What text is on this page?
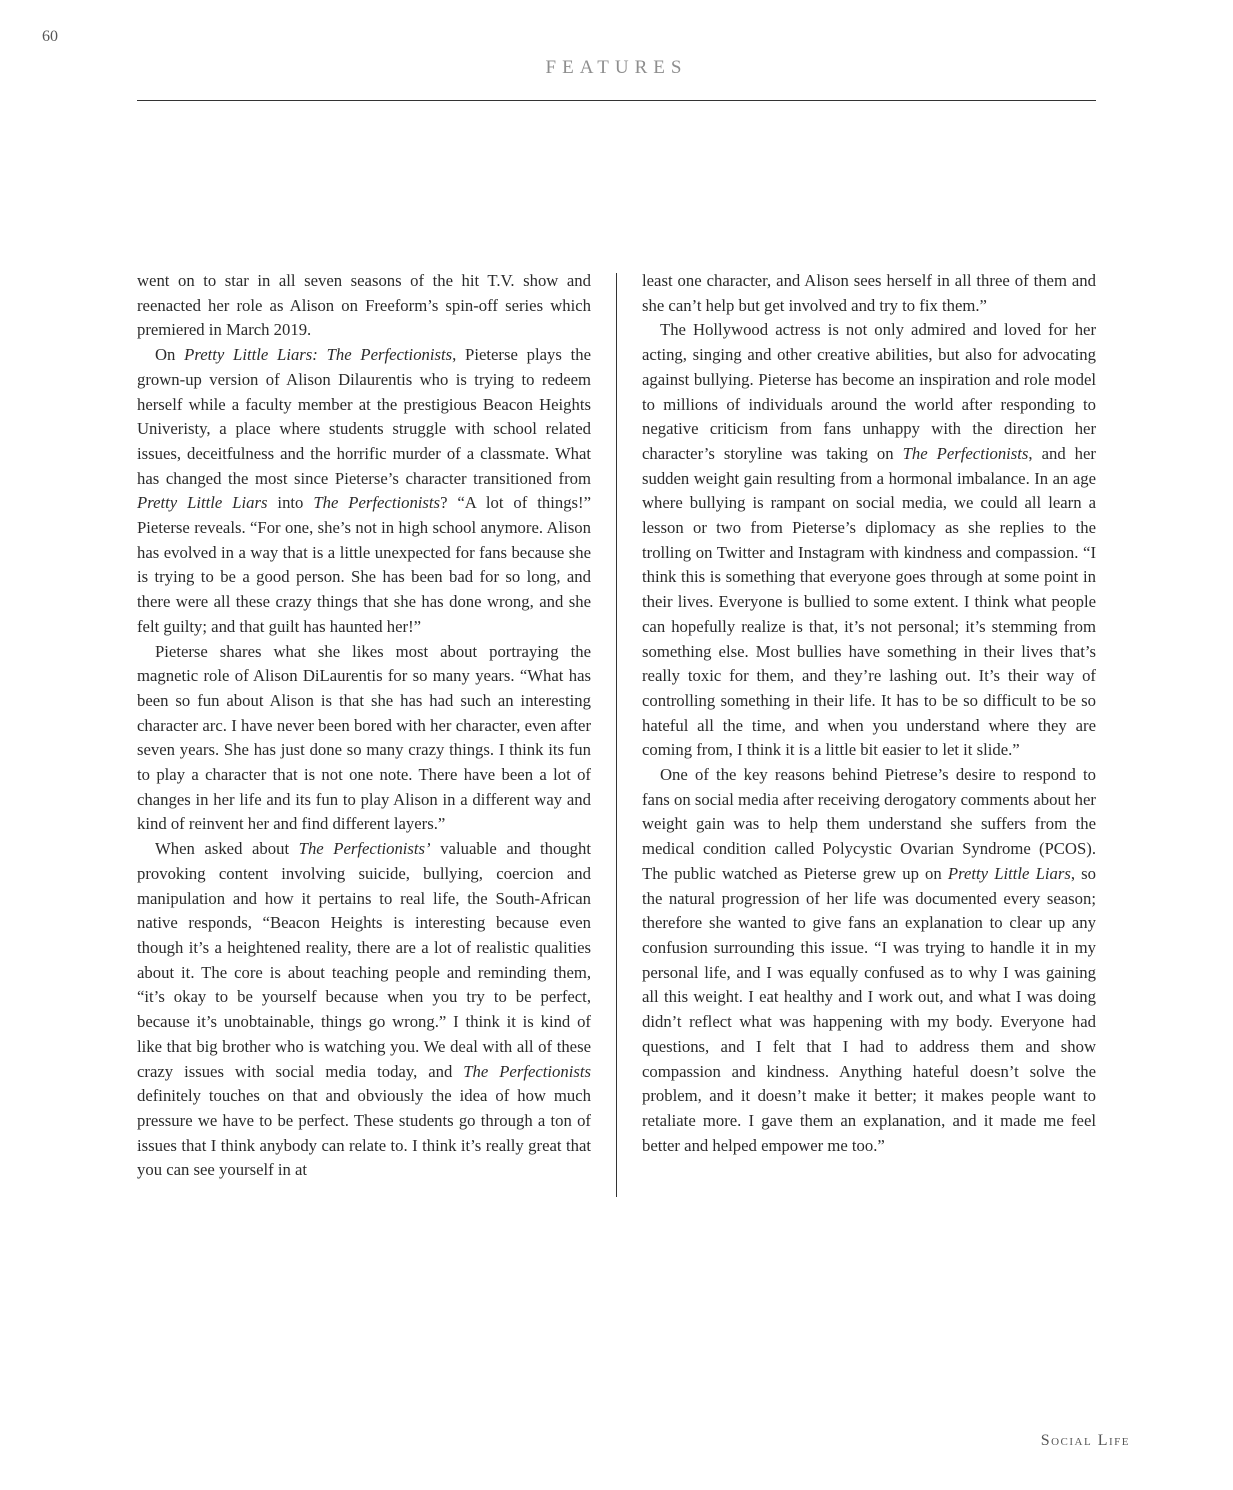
60
FEATURES

went on to star in all seven seasons of the hit T.V. show and reenacted her role as Alison on Freeform’s spin-off series which premiered in March 2019.

On Pretty Little Liars: The Perfectionists, Pieterse plays the grown-up version of Alison Dilaurentis who is trying to redeem herself while a faculty member at the prestigious Beacon Heights Univeristy, a place where students struggle with school related issues, deceitfulness and the horrific murder of a classmate. What has changed the most since Pieterse’s character transitioned from Pretty Little Liars into The Perfectionists? “A lot of things!” Pieterse reveals. “For one, she’s not in high school anymore. Alison has evolved in a way that is a little unexpected for fans because she is trying to be a good person. She has been bad for so long, and there were all these crazy things that she has done wrong, and she felt guilty; and that guilt has haunted her!”

Pieterse shares what she likes most about portraying the magnetic role of Alison DiLaurentis for so many years. “What has been so fun about Alison is that she has had such an interesting character arc. I have never been bored with her character, even after seven years. She has just done so many crazy things. I think its fun to play a character that is not one note. There have been a lot of changes in her life and its fun to play Alison in a different way and kind of reinvent her and find different layers.”

When asked about The Perfectionists’ valuable and thought provoking content involving suicide, bullying, coercion and manipulation and how it pertains to real life, the South-African native responds, “Beacon Heights is interesting because even though it’s a heightened reality, there are a lot of realistic qualities about it. The core is about teaching people and reminding them, “it’s okay to be yourself because when you try to be perfect, because it’s unobtainable, things go wrong.” I think it is kind of like that big brother who is watching you. We deal with all of these crazy issues with social media today, and The Perfectionists definitely touches on that and obviously the idea of how much pressure we have to be perfect. These students go through a ton of issues that I think anybody can relate to. I think it’s really great that you can see yourself in at

least one character, and Alison sees herself in all three of them and she can’t help but get involved and try to fix them.”

The Hollywood actress is not only admired and loved for her acting, singing and other creative abilities, but also for advocating against bullying. Pieterse has become an inspiration and role model to millions of individuals around the world after responding to negative criticism from fans unhappy with the direction her character’s storyline was taking on The Perfectionists, and her sudden weight gain resulting from a hormonal imbalance. In an age where bullying is rampant on social media, we could all learn a lesson or two from Pieterse’s diplomacy as she replies to the trolling on Twitter and Instagram with kindness and compassion. “I think this is something that everyone goes through at some point in their lives. Everyone is bullied to some extent. I think what people can hopefully realize is that, it’s not personal; it’s stemming from something else. Most bullies have something in their lives that’s really toxic for them, and they’re lashing out. It’s their way of controlling something in their life. It has to be so difficult to be so hateful all the time, and when you understand where they are coming from, I think it is a little bit easier to let it slide.”

One of the key reasons behind Pietrese’s desire to respond to fans on social media after receiving derogatory comments about her weight gain was to help them understand she suffers from the medical condition called Polycystic Ovarian Syndrome (PCOS). The public watched as Pieterse grew up on Pretty Little Liars, so the natural progression of her life was documented every season; therefore she wanted to give fans an explanation to clear up any confusion surrounding this issue. “I was trying to handle it in my personal life, and I was equally confused as to why I was gaining all this weight. I eat healthy and I work out, and what I was doing didn’t reflect what was happening with my body. Everyone had questions, and I felt that I had to address them and show compassion and kindness. Anything hateful doesn’t solve the problem, and it doesn’t make it better; it makes people want to retaliate more. I gave them an explanation, and it made me feel better and helped empower me too.”

Social Life
